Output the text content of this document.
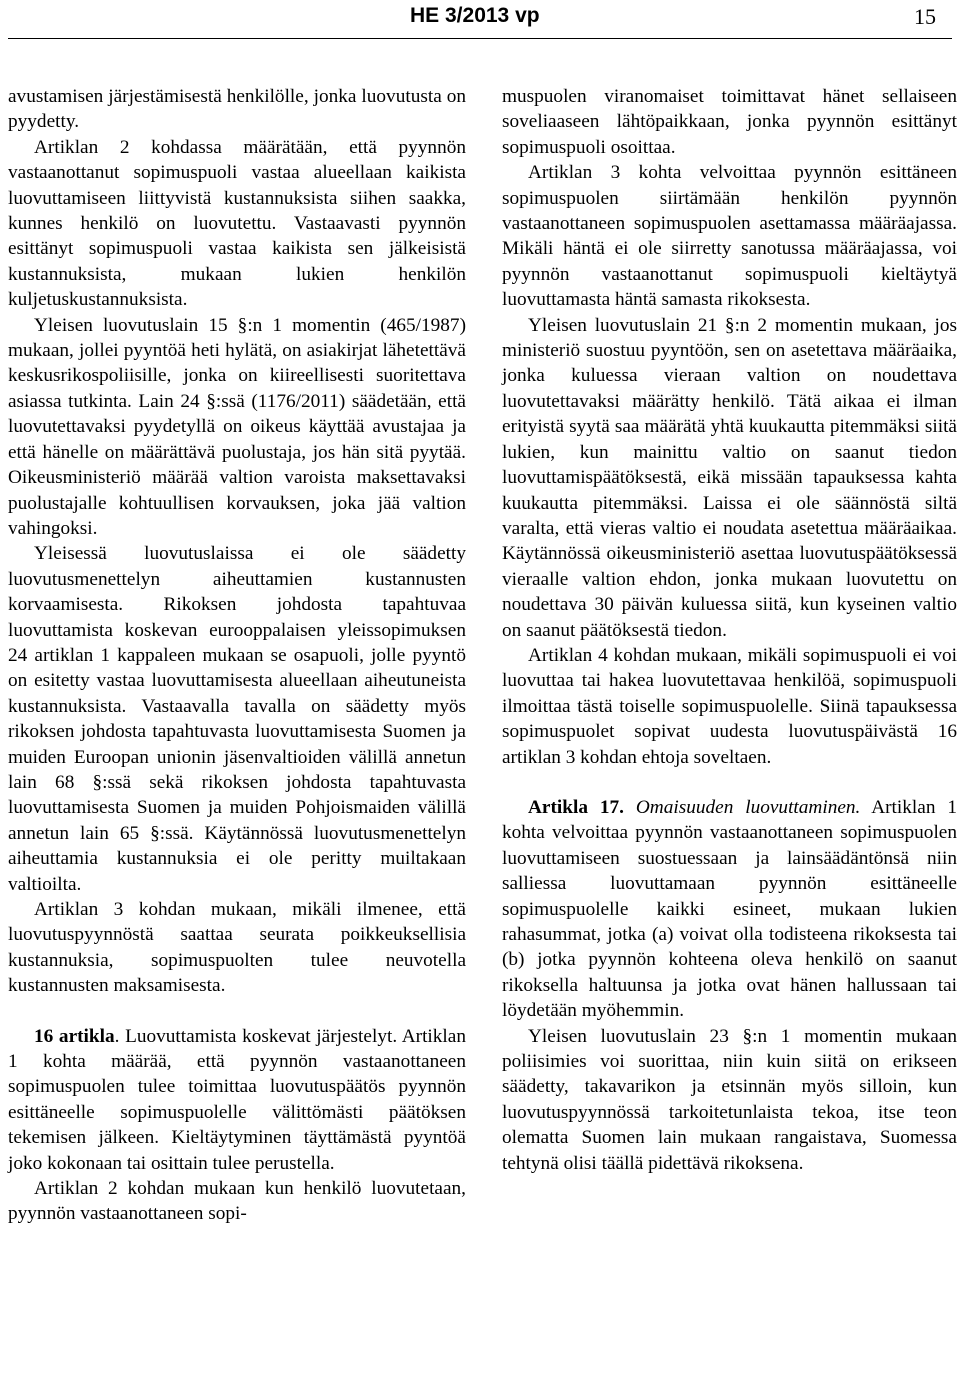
HE 3/2013 vp	15

avustamisen järjestämisestä henkilölle, jonka luovutusta on pyydetty.

Artiklan 2 kohdassa määrätään, että pyynnön vastaanottanut sopimuspuoli vastaa alueellaan kaikista luovuttamiseen liittyvistä kustannuksista siihen saakka, kunnes henkilö on luovutettu. Vastaavasti pyynnön esittänyt sopimuspuoli vastaa kaikista sen jälkeisistä kustannuksista, mukaan lukien henkilön kuljetuskustannuksista.

Yleisen luovutuslain 15 §:n 1 momentin (465/1987) mukaan, jollei pyyntöä heti hylätä, on asiakirjat lähetettävä keskusrikospoliisille, jonka on kiireellisesti suoritettava asiassa tutkinta. Lain 24 §:ssä (1176/2011) säädetään, että luovutettavaksi pyydetyllä on oikeus käyttää avustajaa ja että hänelle on määrättävä puolustaja, jos hän sitä pyytää. Oikeusministeriö määrää valtion varoista maksettavaksi puolustajalle kohtuullisen korvauksen, joka jää valtion vahingoksi.

Yleisessä luovutuslaissa ei ole säädetty luovutusmenettelyn aiheuttamien kustannusten korvaamisesta. Rikoksen johdosta tapahtuvaa luovuttamista koskevan eurooppalaisen yleissopimuksen 24 artiklan 1 kappaleen mukaan se osapuoli, jolle pyyntö on esitetty vastaa luovuttamisesta alueellaan aiheutuneista kustannuksista. Vastaavalla tavalla on säädetty myös rikoksen johdosta tapahtuvasta luovuttamisesta Suomen ja muiden Euroopan unionin jäsenvaltioiden välillä annetun lain 68 §:ssä sekä rikoksen johdosta tapahtuvasta luovuttamisesta Suomen ja muiden Pohjoismaiden välillä annetun lain 65 §:ssä. Käytännössä luovutusmenettelyn aiheuttamia kustannuksia ei ole peritty muiltakaan valtioilta.

Artiklan 3 kohdan mukaan, mikäli ilmenee, että luovutuspyynnöstä saattaa seurata poikkeuksellisia kustannuksia, sopimuspuolten tulee neuvotella kustannusten maksamisesta.

16 artikla. Luovuttamista koskevat järjestelyt. Artiklan 1 kohta määrää, että pyynnön vastaanottaneen sopimuspuolen tulee toimittaa luovutuspäätös pyynnön esittäneelle sopimuspuolelle välittömästi päätöksen tekemisen jälkeen. Kieltäytyminen täyttämästä pyyntöä joko kokonaan tai osittain tulee perustella.

Artiklan 2 kohdan mukaan kun henkilö luovutetaan, pyynnön vastaanottaneen sopi-

muspuolen viranomaiset toimittavat hänet sellaiseen soveliaaseen lähtöpaikkaan, jonka pyynnön esittänyt sopimuspuoli osoittaa.

Artiklan 3 kohta velvoittaa pyynnön esittäneen sopimuspuolen siirtämään henkilön pyynnön vastaanottaneen sopimuspuolen asettamassa määräajassa. Mikäli häntä ei ole siirretty sanotussa määräajassa, voi pyynnön vastaanottanut sopimuspuoli kieltäytyä luovuttamasta häntä samasta rikoksesta.

Yleisen luovutuslain 21 §:n 2 momentin mukaan, jos ministeriö suostuu pyyntöön, sen on asetettava määräaika, jonka kuluessa vieraan valtion on noudettava luovutettavaksi määrätty henkilö. Tätä aikaa ei ilman erityistä syytä saa määrätä yhtä kuukautta pitemmäksi siitä lukien, kun mainittu valtio on saanut tiedon luovuttamispäätöksestä, eikä missään tapauksessa kahta kuukautta pitemmäksi. Laissa ei ole säännöstä siltä varalta, että vieras valtio ei noudata asetettua määräaikaa. Käytännössä oikeusministeriö asettaa luovutuspäätöksessä vieraalle valtion ehdon, jonka mukaan luovutettu on noudettava 30 päivän kuluessa siitä, kun kyseinen valtio on saanut päätöksestä tiedon.

Artiklan 4 kohdan mukaan, mikäli sopimuspuoli ei voi luovuttaa tai hakea luovutettavaa henkilöä, sopimuspuoli ilmoittaa tästä toiselle sopimuspuolelle. Siinä tapauksessa sopimuspuolet sopivat uudesta luovutuspäivästä 16 artiklan 3 kohdan ehtoja soveltaen.

Artikla 17. Omaisuuden luovuttaminen. Artiklan 1 kohta velvoittaa pyynnön vastaanottaneen sopimuspuolen luovuttamiseen suostuessaan ja lainsäädäntönsä niin salliessa luovuttamaan pyynnön esittäneelle sopimuspuolelle kaikki esineet, mukaan lukien rahasummat, jotka (a) voivat olla todisteena rikoksesta tai (b) jotka pyynnön kohteena oleva henkilö on saanut rikoksella haltuunsa ja jotka ovat hänen hallussaan tai löydetään myöhemmin.

Yleisen luovutuslain 23 §:n 1 momentin mukaan poliisimies voi suorittaa, niin kuin siitä on erikseen säädetty, takavarikon ja etsinnän myös silloin, kun luovutuspyynnössä tarkoitetunlaista tekoa, itse teon olematta Suomen lain mukaan rangaistava, Suomessa tehtynä olisi täällä pidettävä rikoksena.
